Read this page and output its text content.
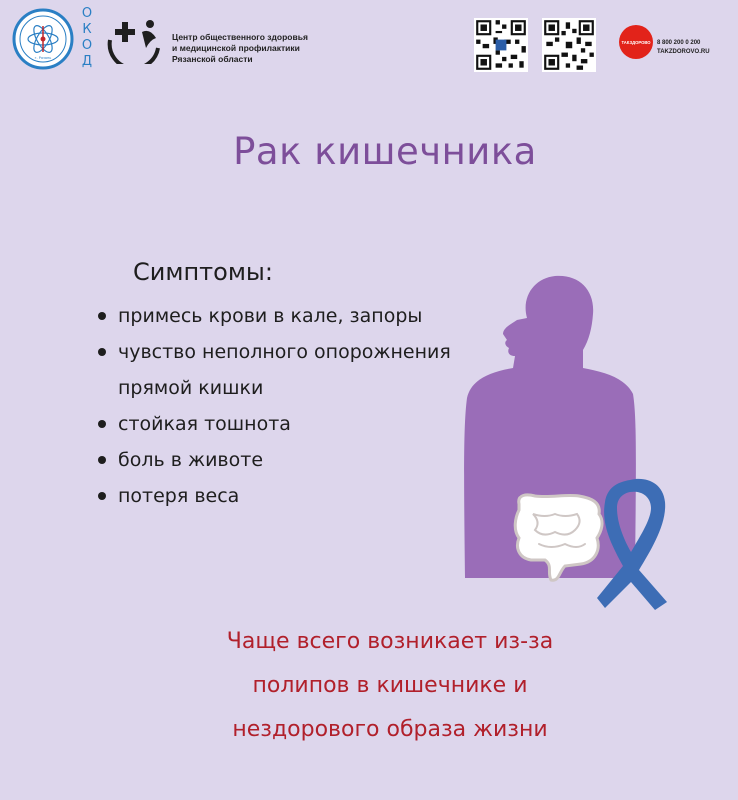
г. Рязань
О
К
О
Д
Центр общественного здоровья
и медицинской профилактики
Рязанской области
ТАКЗДОРОВО 8 800 200 0 200
TAKZDOROVO.RU
Рак кишечника
Симптомы:
примесь крови в кале, запоры
чувство неполного опорожнения
прямой кишки
стойкая тошнота
боль в животе
потеря веса
Чаще всего возникает из-за
полипов в кишечнике и
нездорового образа жизни
